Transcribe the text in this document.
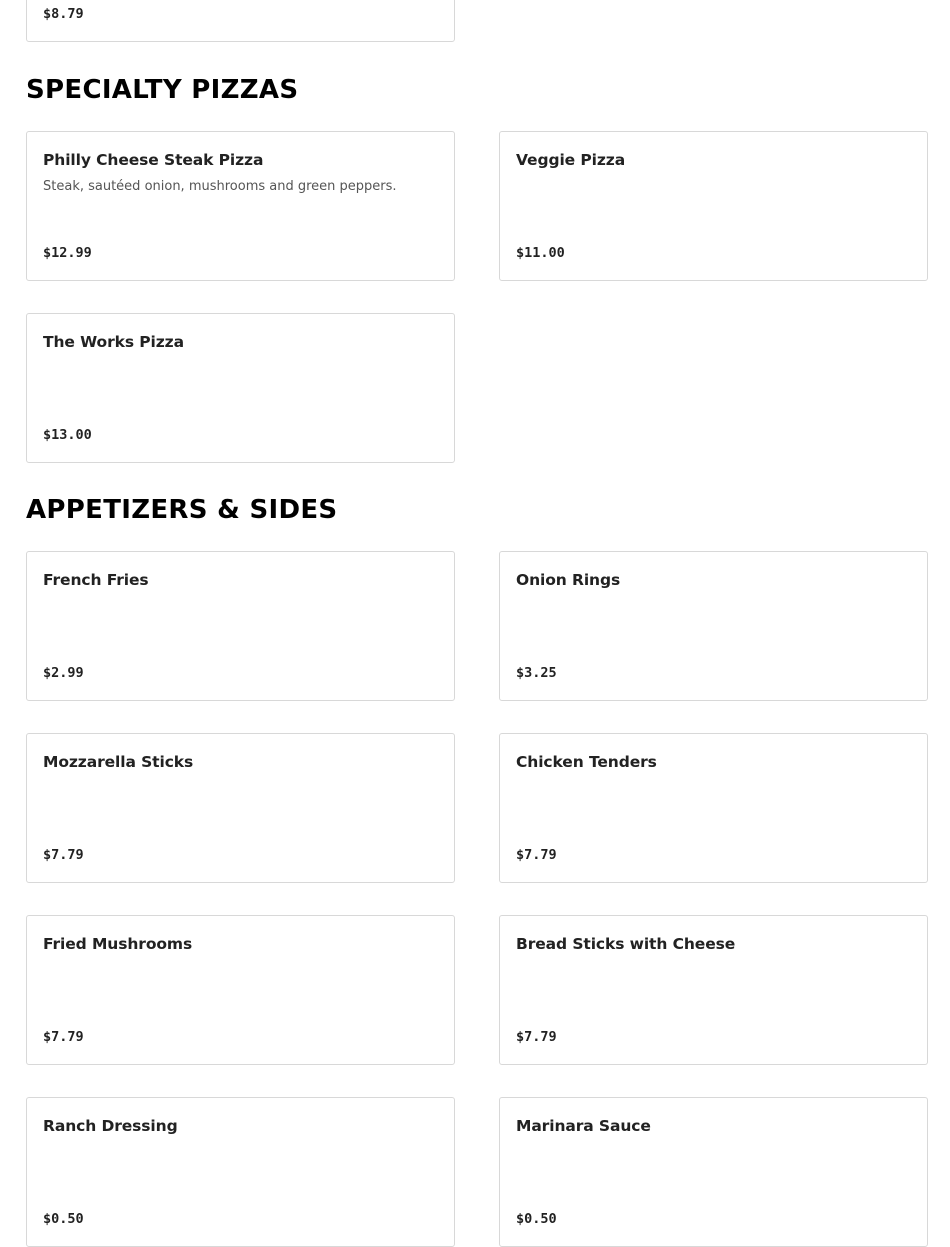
$8.79
SPECIALTY PIZZAS
Philly Cheese Steak Pizza
Steak, sautéed onion, mushrooms and green peppers.
$12.99
Veggie Pizza
$11.00
The Works Pizza
$13.00
APPETIZERS & SIDES
French Fries
$2.99
Onion Rings
$3.25
Mozzarella Sticks
$7.79
Chicken Tenders
$7.79
Fried Mushrooms
$7.79
Bread Sticks with Cheese
$7.79
Ranch Dressing
$0.50
Marinara Sauce
$0.50
